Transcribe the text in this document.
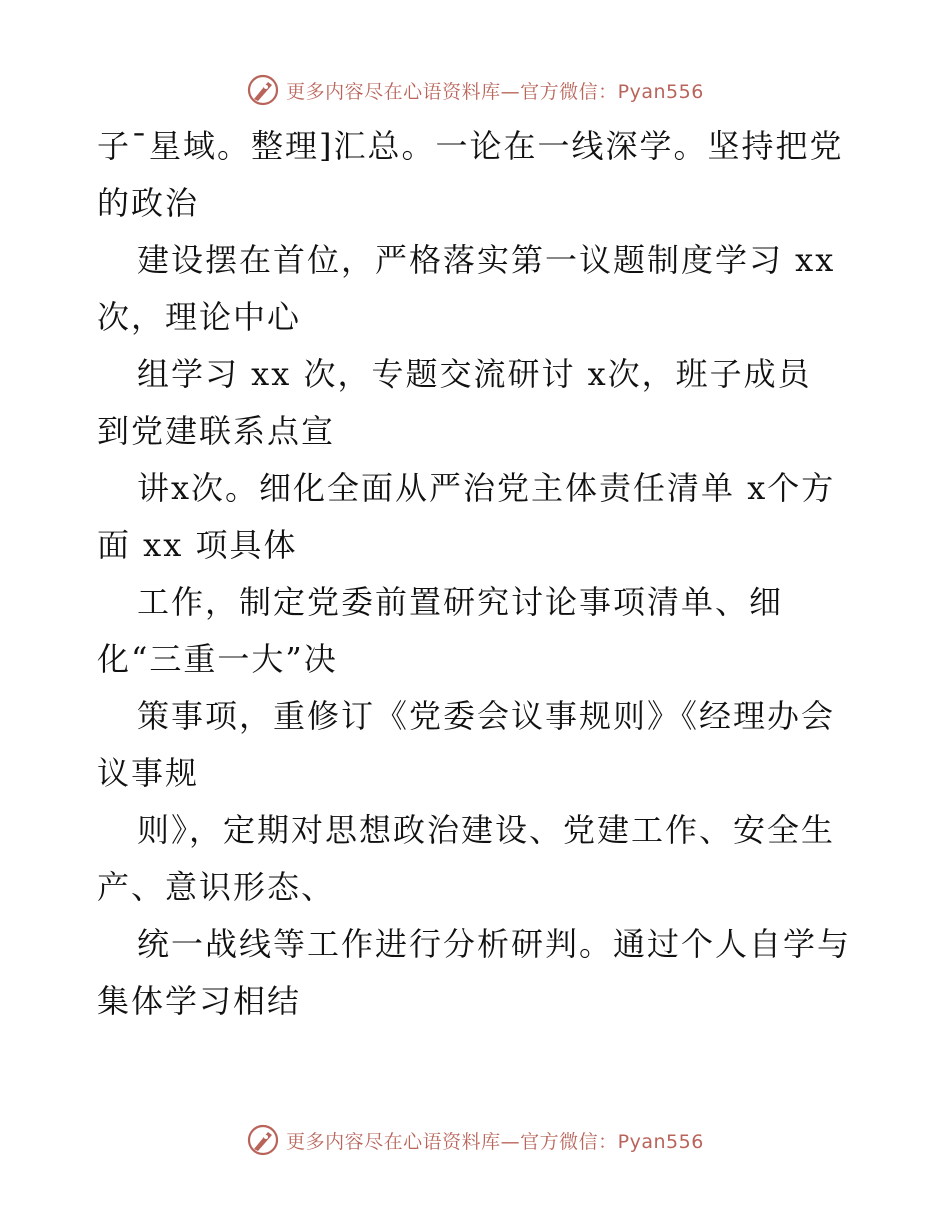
更多内容尽在心语资料库—官方微信：Pyan556
子¯星域。整理]汇总。一论在一线深学。坚持把党
的政治
建设摆在首位，严格落实第一议题制度学习 xx
次，理论中心
组学习 xx 次，专题交流研讨 x次，班子成员
到党建联系点宣
讲x次。细化全面从严治党主体责任清单 x个方
面 xx 项具体
工作，制定党委前置研究讨论事项清单、细
化“三重一大”决
策事项，重修订《党委会议事规则》《经理办会
议事规
则》，定期对思想政治建设、党建工作、安全生
产、意识形态、
统一战线等工作进行分析研判。通过个人自学与
集体学习相结
更多内容尽在心语资料库—官方微信：Pyan556
